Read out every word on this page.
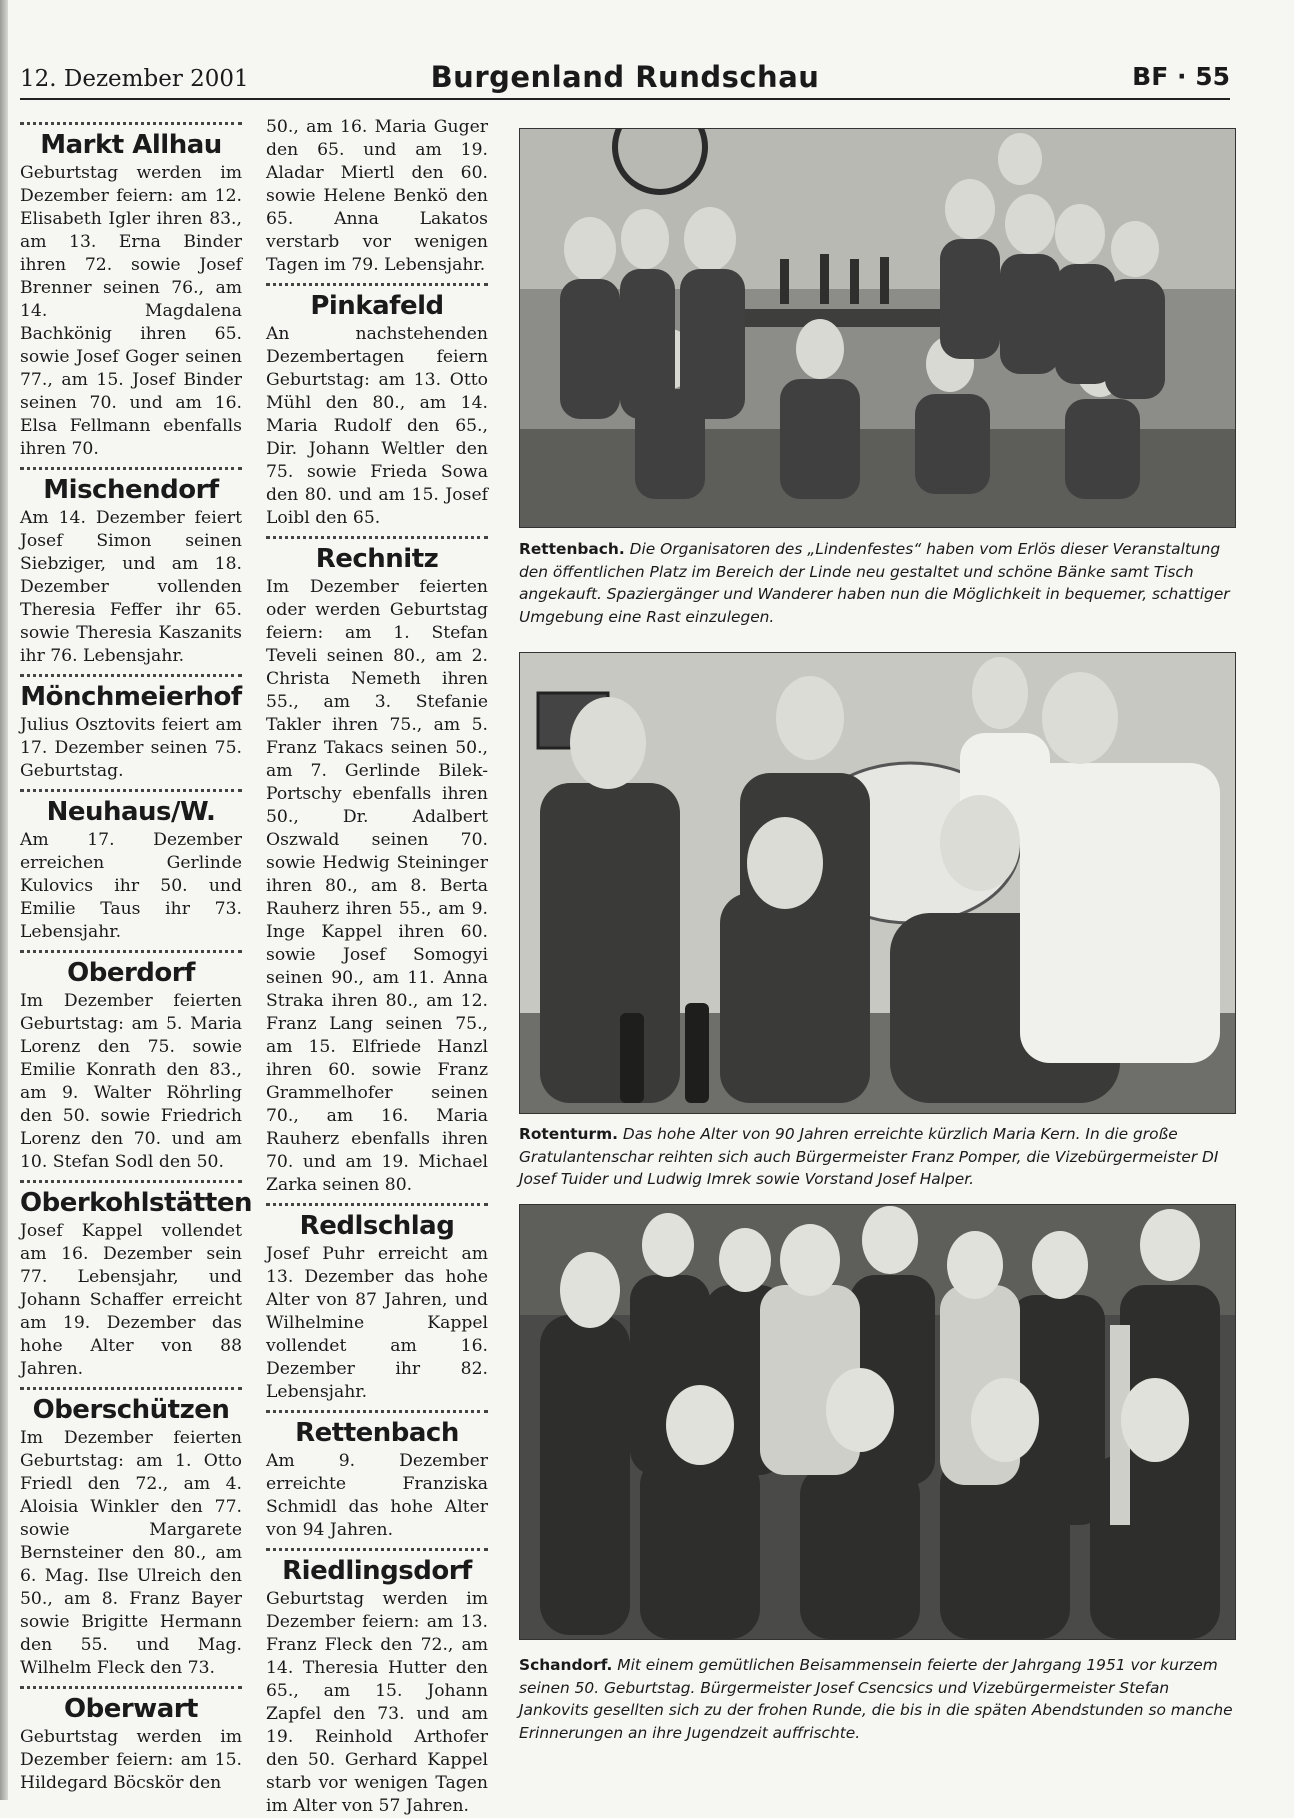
12. Dezember 2001	Burgenland Rundschau	BF · 55
Markt Allhau

Geburtstag werden im Dezember feiern: am 12. Elisabeth Igler ihren 83., am 13. Erna Binder ihren 72. sowie Josef Brenner seinen 76., am 14. Magdalena Bachkönig ihren 65. sowie Josef Goger seinen 77., am 15. Josef Binder seinen 70. und am 16. Elsa Fellmann ebenfalls ihren 70.

Mischendorf

Am 14. Dezember feiert Josef Simon seinen Siebziger, und am 18. Dezember vollenden Theresia Feffer ihr 65. sowie Theresia Kaszanits ihr 76. Lebensjahr.

Mönchmeierhof

Julius Osztovits feiert am 17. Dezember seinen 75. Geburtstag.

Neuhaus/W.

Am 17. Dezember erreichen Gerlinde Kulovics ihr 50. und Emilie Taus ihr 73. Lebensjahr.

Oberdorf

Im Dezember feierten Geburtstag: am 5. Maria Lorenz den 75. sowie Emilie Konrath den 83., am 9. Walter Röhrling den 50. sowie Friedrich Lorenz den 70. und am 10. Stefan Sodl den 50.

Oberkohlstätten

Josef Kappel vollendet am 16. Dezember sein 77. Lebensjahr, und Johann Schaffer erreicht am 19. Dezember das hohe Alter von 88 Jahren.

Oberschützen

Im Dezember feierten Geburtstag: am 1. Otto Friedl den 72., am 4. Aloisia Winkler den 77. sowie Margarete Bernsteiner den 80., am 6. Mag. Ilse Ulreich den 50., am 8. Franz Bayer sowie Brigitte Hermann den 55. und Mag. Wilhelm Fleck den 73.

Oberwart

Geburtstag werden im Dezember feiern: am 15. Hildegard Böcskör den

50., am 16. Maria Guger den 65. und am 19. Aladar Miertl den 60. sowie Helene Benkö den 65. Anna Lakatos verstarb vor wenigen Tagen im 79. Lebensjahr.

Pinkafeld

An nachstehenden Dezembertagen feiern Geburtstag: am 13. Otto Mühl den 80., am 14. Maria Rudolf den 65., Dir. Johann Weltler den 75. sowie Frieda Sowa den 80. und am 15. Josef Loibl den 65.

Rechnitz

Im Dezember feierten oder werden Geburtstag feiern: am 1. Stefan Teveli seinen 80., am 2. Christa Nemeth ihren 55., am 3. Stefanie Takler ihren 75., am 5. Franz Takacs seinen 50., am 7. Gerlinde Bilek-Portschy ebenfalls ihren 50., Dr. Adalbert Oszwald seinen 70. sowie Hedwig Steininger ihren 80., am 8. Berta Rauherz ihren 55., am 9. Inge Kappel ihren 60. sowie Josef Somogyi seinen 90., am 11. Anna Straka ihren 80., am 12. Franz Lang seinen 75., am 15. Elfriede Hanzl ihren 60. sowie Franz Grammelhofer seinen 70., am 16. Maria Rauherz ebenfalls ihren 70. und am 19. Michael Zarka seinen 80.

Redlschlag

Josef Puhr erreicht am 13. Dezember das hohe Alter von 87 Jahren, und Wilhelmine Kappel vollendet am 16. Dezember ihr 82. Lebensjahr.

Rettenbach

Am 9. Dezember erreichte Franziska Schmidl das hohe Alter von 94 Jahren.

Riedlingsdorf

Geburtstag werden im Dezember feiern: am 13. Franz Fleck den 72., am 14. Theresia Hutter den 65., am 15. Johann Zapfel den 73. und am 19. Reinhold Arthofer den 50. Gerhard Kappel starb vor wenigen Tagen im Alter von 57 Jahren.

Rettenbach. Die Organisatoren des „Lindenfestes“ haben vom Erlös dieser Veranstaltung den öffentlichen Platz im Bereich der Linde neu gestaltet und schöne Bänke samt Tisch angekauft. Spaziergänger und Wanderer haben nun die Möglichkeit in bequemer, schattiger Umgebung eine Rast einzulegen.
Rotenturm. Das hohe Alter von 90 Jahren erreichte kürzlich Maria Kern. In die große Gratulantenschar reihten sich auch Bürgermeister Franz Pomper, die Vizebürgermeister DI Josef Tuider und Ludwig Imrek sowie Vorstand Josef Halper.
Schandorf. Mit einem gemütlichen Beisammensein feierte der Jahrgang 1951 vor kurzem seinen 50. Geburtstag. Bürgermeister Josef Csencsics und Vizebürgermeister Stefan Jankovits gesellten sich zu der frohen Runde, die bis in die späten Abendstunden so manche Erinnerungen an ihre Jugendzeit auffrischte.
